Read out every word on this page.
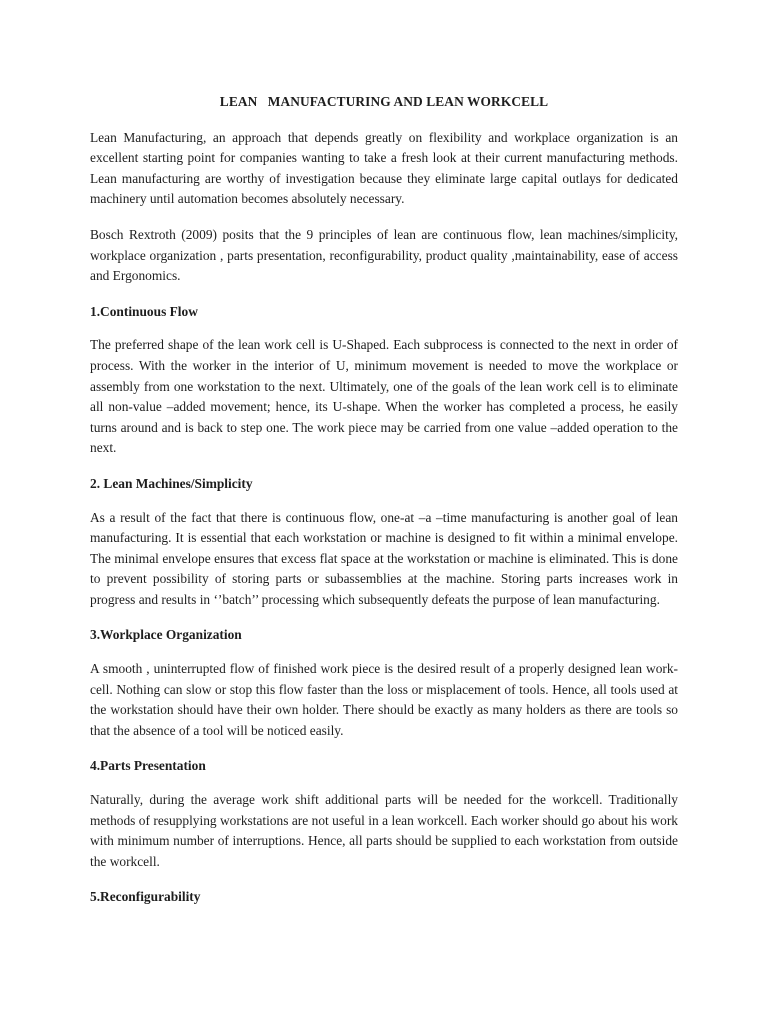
LEAN   MANUFACTURING AND LEAN WORKCELL

Lean Manufacturing, an approach that depends greatly on flexibility and workplace organization is an excellent starting point for companies wanting to take a fresh look at their current manufacturing methods. Lean manufacturing are worthy of investigation because they eliminate large capital outlays for dedicated machinery until automation becomes absolutely necessary.

Bosch Rextroth (2009) posits that the 9 principles of lean are continuous flow, lean machines/simplicity, workplace organization , parts presentation, reconfigurability, product quality ,maintainability, ease of access and Ergonomics.

1.Continuous Flow

The preferred shape of the lean work cell is U-Shaped. Each subprocess is connected to the next in order of process. With the worker in the interior of U, minimum movement is needed to move the workplace or assembly from one workstation to the next. Ultimately, one of the goals of the lean work cell is to eliminate all non-value –added movement; hence, its U-shape. When the worker has completed a process, he easily turns around and is back to step one. The work piece may be carried from one value –added operation to the next.

2. Lean Machines/Simplicity

As a result of the fact that there is continuous flow, one-at –a –time manufacturing is another goal of lean manufacturing. It is essential that each workstation or machine is designed to fit within a minimal envelope. The minimal envelope ensures that excess flat space at the workstation or machine is eliminated. This is done to prevent possibility of storing parts or subassemblies at the machine. Storing parts increases work in progress and results in ‘’batch’’ processing which subsequently defeats the purpose of lean manufacturing.

3.Workplace Organization

A smooth , uninterrupted flow of finished work piece is the desired result of a properly designed lean work-cell. Nothing can slow or stop this flow faster than the loss or misplacement of tools. Hence, all tools used at the workstation should have their own holder. There should be exactly as many holders as there are tools so that the absence of a tool will be noticed easily.

4.Parts Presentation

Naturally, during the average work shift additional parts will be needed for the workcell. Traditionally methods of resupplying workstations are not useful in a lean workcell. Each worker should go about his work with minimum number of interruptions. Hence, all parts should be supplied to each workstation from outside the workcell.

5.Reconfigurability
